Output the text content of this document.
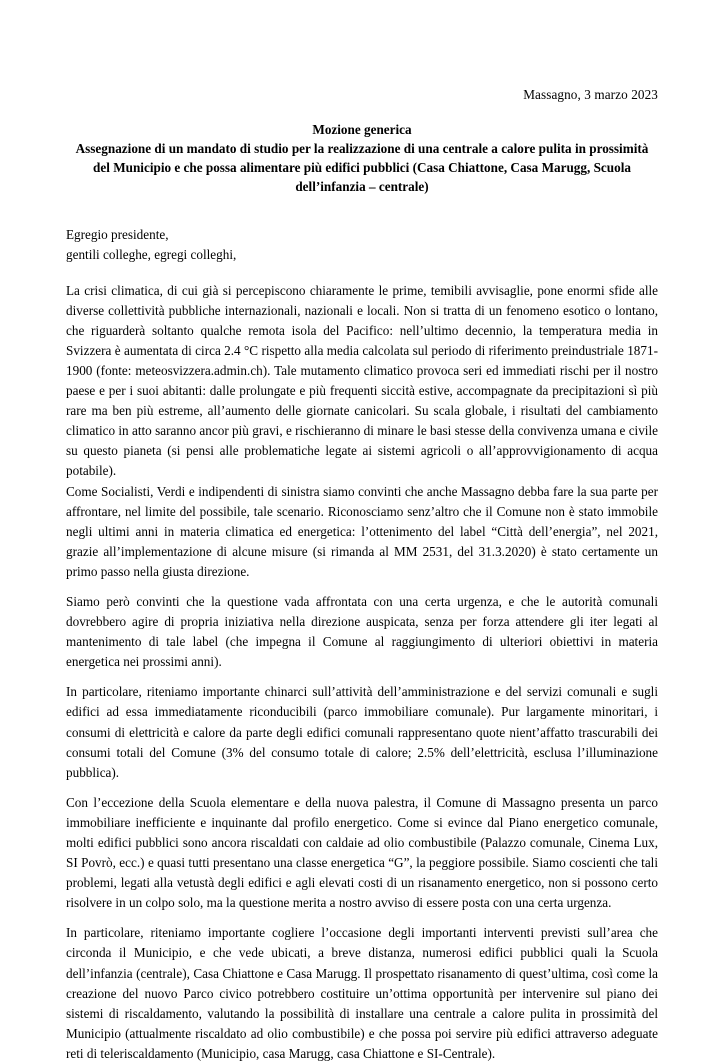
Massagno, 3 marzo 2023
Mozione generica
Assegnazione di un mandato di studio per la realizzazione di una centrale a calore pulita in prossimità del Municipio e che possa alimentare più edifici pubblici (Casa Chiattone, Casa Marugg, Scuola dell’infanzia – centrale)
Egregio presidente,
gentili colleghe, egregi colleghi,

La crisi climatica, di cui già si percepiscono chiaramente le prime, temibili avvisaglie, pone enormi sfide alle diverse collettività pubbliche internazionali, nazionali e locali. Non si tratta di un fenomeno esotico o lontano, che riguarderà soltanto qualche remota isola del Pacifico: nell’ultimo decennio, la temperatura media in Svizzera è aumentata di circa 2.4 °C rispetto alla media calcolata sul periodo di riferimento preindustriale 1871-1900 (fonte: meteosvizzera.admin.ch). Tale mutamento climatico provoca seri ed immediati rischi per il nostro paese e per i suoi abitanti: dalle prolungate e più frequenti siccità estive, accompagnate da precipitazioni sì più rare ma ben più estreme, all’aumento delle giornate canicolari. Su scala globale, i risultati del cambiamento climatico in atto saranno ancor più gravi, e rischieranno di minare le basi stesse della convivenza umana e civile su questo pianeta (si pensi alle problematiche legate ai sistemi agricoli o all’approvvigionamento di acqua potabile).

Come Socialisti, Verdi e indipendenti di sinistra siamo convinti che anche Massagno debba fare la sua parte per affrontare, nel limite del possibile, tale scenario. Riconosciamo senz’altro che il Comune non è stato immobile negli ultimi anni in materia climatica ed energetica: l’ottenimento del label “Città dell’energia”, nel 2021, grazie all’implementazione di alcune misure (si rimanda al MM 2531, del 31.3.2020) è stato certamente un primo passo nella giusta direzione.

Siamo però convinti che la questione vada affrontata con una certa urgenza, e che le autorità comunali dovrebbero agire di propria iniziativa nella direzione auspicata, senza per forza attendere gli iter legati al mantenimento di tale label (che impegna il Comune al raggiungimento di ulteriori obiettivi in materia energetica nei prossimi anni).

In particolare, riteniamo importante chinarci sull’attività dell’amministrazione e del servizi comunali e sugli edifici ad essa immediatamente riconducibili (parco immobiliare comunale). Pur largamente minoritari, i consumi di elettricità e calore da parte degli edifici comunali rappresentano quote nient’affatto trascurabili dei consumi totali del Comune (3% del consumo totale di calore; 2.5% dell’elettricità, esclusa l’illuminazione pubblica).

Con l’eccezione della Scuola elementare e della nuova palestra, il Comune di Massagno presenta un parco immobiliare inefficiente e inquinante dal profilo energetico. Come si evince dal Piano energetico comunale, molti edifici pubblici sono ancora riscaldati con caldaie ad olio combustibile (Palazzo comunale, Cinema Lux, SI Povrò, ecc.) e quasi tutti presentano una classe energetica “G”, la peggiore possibile. Siamo coscienti che tali problemi, legati alla vetustà degli edifici e agli elevati costi di un risanamento energetico, non si possono certo risolvere in un colpo solo, ma la questione merita a nostro avviso di essere posta con una certa urgenza.

In particolare, riteniamo importante cogliere l’occasione degli importanti interventi previsti sull’area che circonda il Municipio, e che vede ubicati, a breve distanza, numerosi edifici pubblici quali la Scuola dell’infanzia (centrale), Casa Chiattone e Casa Marugg. Il prospettato risanamento di quest’ultima, così come la creazione del nuovo Parco civico potrebbero costituire un’ottima opportunità per intervenire sul piano dei sistemi di riscaldamento, valutando la possibilità di installare una centrale a calore pulita in prossimità del Municipio (attualmente riscaldato ad olio combustibile) e che possa poi servire più edifici attraverso adeguate reti di teleriscaldamento (Municipio, casa Marugg, casa Chiattone e SI-Centrale).
